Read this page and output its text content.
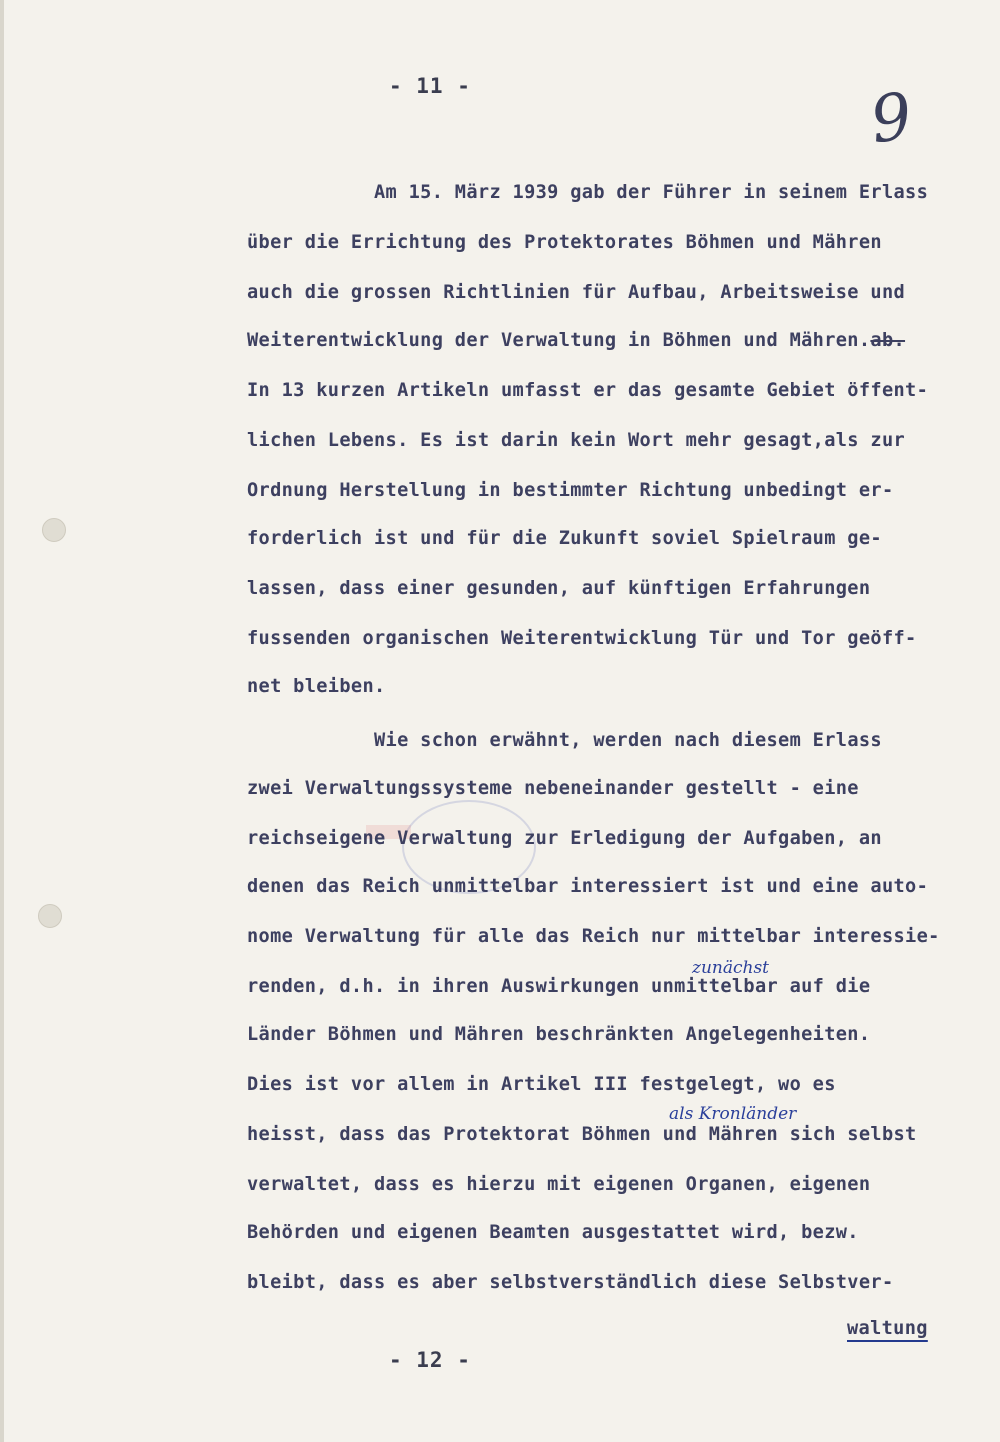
- 11 -	9
Am 15. März 1939 gab der Führer in seinem Erlass
über die Errichtung des Protektorates Böhmen und Mähren
auch die grossen Richtlinien für Aufbau, Arbeitsweise und
Weiterentwicklung der Verwaltung in Böhmen und Mähren.ab.
In 13 kurzen Artikeln umfasst er das gesamte Gebiet öffent-
lichen Lebens. Es ist darin kein Wort mehr gesagt,als zur
Ordnung Herstellung in bestimmter Richtung unbedingt er-
forderlich ist und für die Zukunft soviel Spielraum ge-
lassen, dass einer gesunden, auf künftigen Erfahrungen
fussenden organischen Weiterentwicklung Tür und Tor geöff-
net bleiben.
Wie schon erwähnt, werden nach diesem Erlass
zwei Verwaltungssysteme nebeneinander gestellt - eine
reichseigene Verwaltung zur Erledigung der Aufgaben, an
denen das Reich unmittelbar interessiert ist und eine auto-
nome Verwaltung für alle das Reich nur mittelbar interessie-
zunächst
renden, d.h. in ihren Auswirkungen unmittelbar auf die
Länder Böhmen und Mähren beschränkten Angelegenheiten.
Dies ist vor allem in Artikel III festgelegt, wo es
als Kronländer
heisst, dass das Protektorat Böhmen und Mähren sich selbst
verwaltet, dass es hierzu mit eigenen Organen, eigenen
Behörden und eigenen Beamten ausgestattet wird, bezw.
bleibt, dass es aber selbstverständlich diese Selbstver-
waltung
- 12 -
